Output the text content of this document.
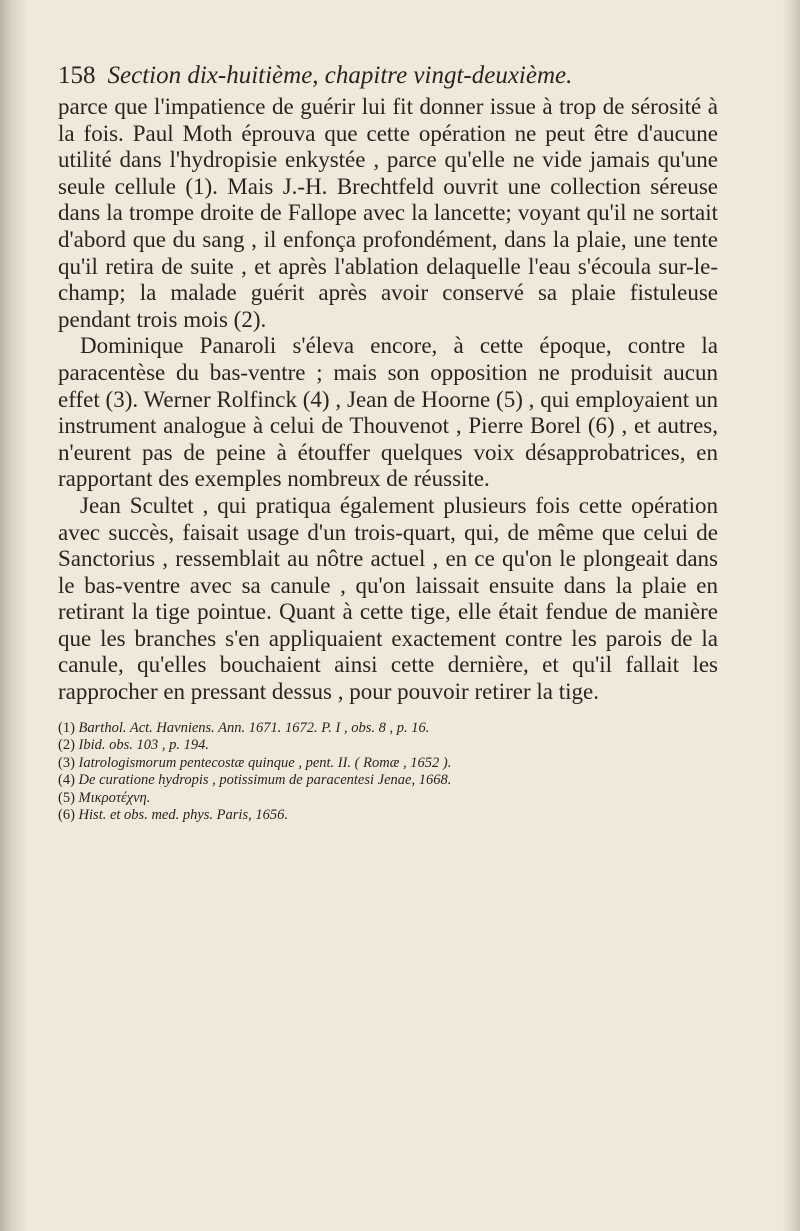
158 Section dix-huitième, chapitre vingt-deuxième.

parce que l'impatience de guérir lui fit donner issue à trop de sérosité à la fois. Paul Moth éprouva que cette opération ne peut être d'aucune utilité dans l'hydropisie enkystée , parce qu'elle ne vide jamais qu'une seule cellule (1). Mais J.-H. Brechtfeld ouvrit une collection séreuse dans la trompe droite de Fallope avec la lancette; voyant qu'il ne sortait d'abord que du sang , il enfonça profondément, dans la plaie, une tente qu'il retira de suite , et après l'ablation delaquelle l'eau s'écoula sur-le-champ; la malade guérit après avoir conservé sa plaie fistuleuse pendant trois mois (2).

Dominique Panaroli s'éleva encore, à cette époque, contre la paracentèse du bas-ventre ; mais son opposition ne produisit aucun effet (3). Werner Rolfinck (4) , Jean de Hoorne (5) , qui employaient un instrument analogue à celui de Thouvenot , Pierre Borel (6) , et autres, n'eurent pas de peine à étouffer quelques voix désapprobatrices, en rapportant des exemples nombreux de réussite.

Jean Scultet , qui pratiqua également plusieurs fois cette opération avec succès, faisait usage d'un trois-quart, qui, de même que celui de Sanctorius , ressemblait au nôtre actuel , en ce qu'on le plongeait dans le bas-ventre avec sa canule , qu'on laissait ensuite dans la plaie en retirant la tige pointue. Quant à cette tige, elle était fendue de manière que les branches s'en appliquaient exactement contre les parois de la canule, qu'elles bouchaient ainsi cette dernière, et qu'il fallait les rapprocher en pressant dessus , pour pouvoir retirer la tige.

(1) Barthol. Act. Havniens. Ann. 1671. 1672. P. I , obs. 8 , p. 16.
(2) Ibid. obs. 103 , p. 194.
(3) Iatrologismorum pentecostæ quinque , pent. II. ( Romæ , 1652 ).
(4) De curatione hydropis , potissimum de paracentesi Jenae, 1668.
(5) Μικροτέχνη.
(6) Hist. et obs. med. phys. Paris, 1656.
